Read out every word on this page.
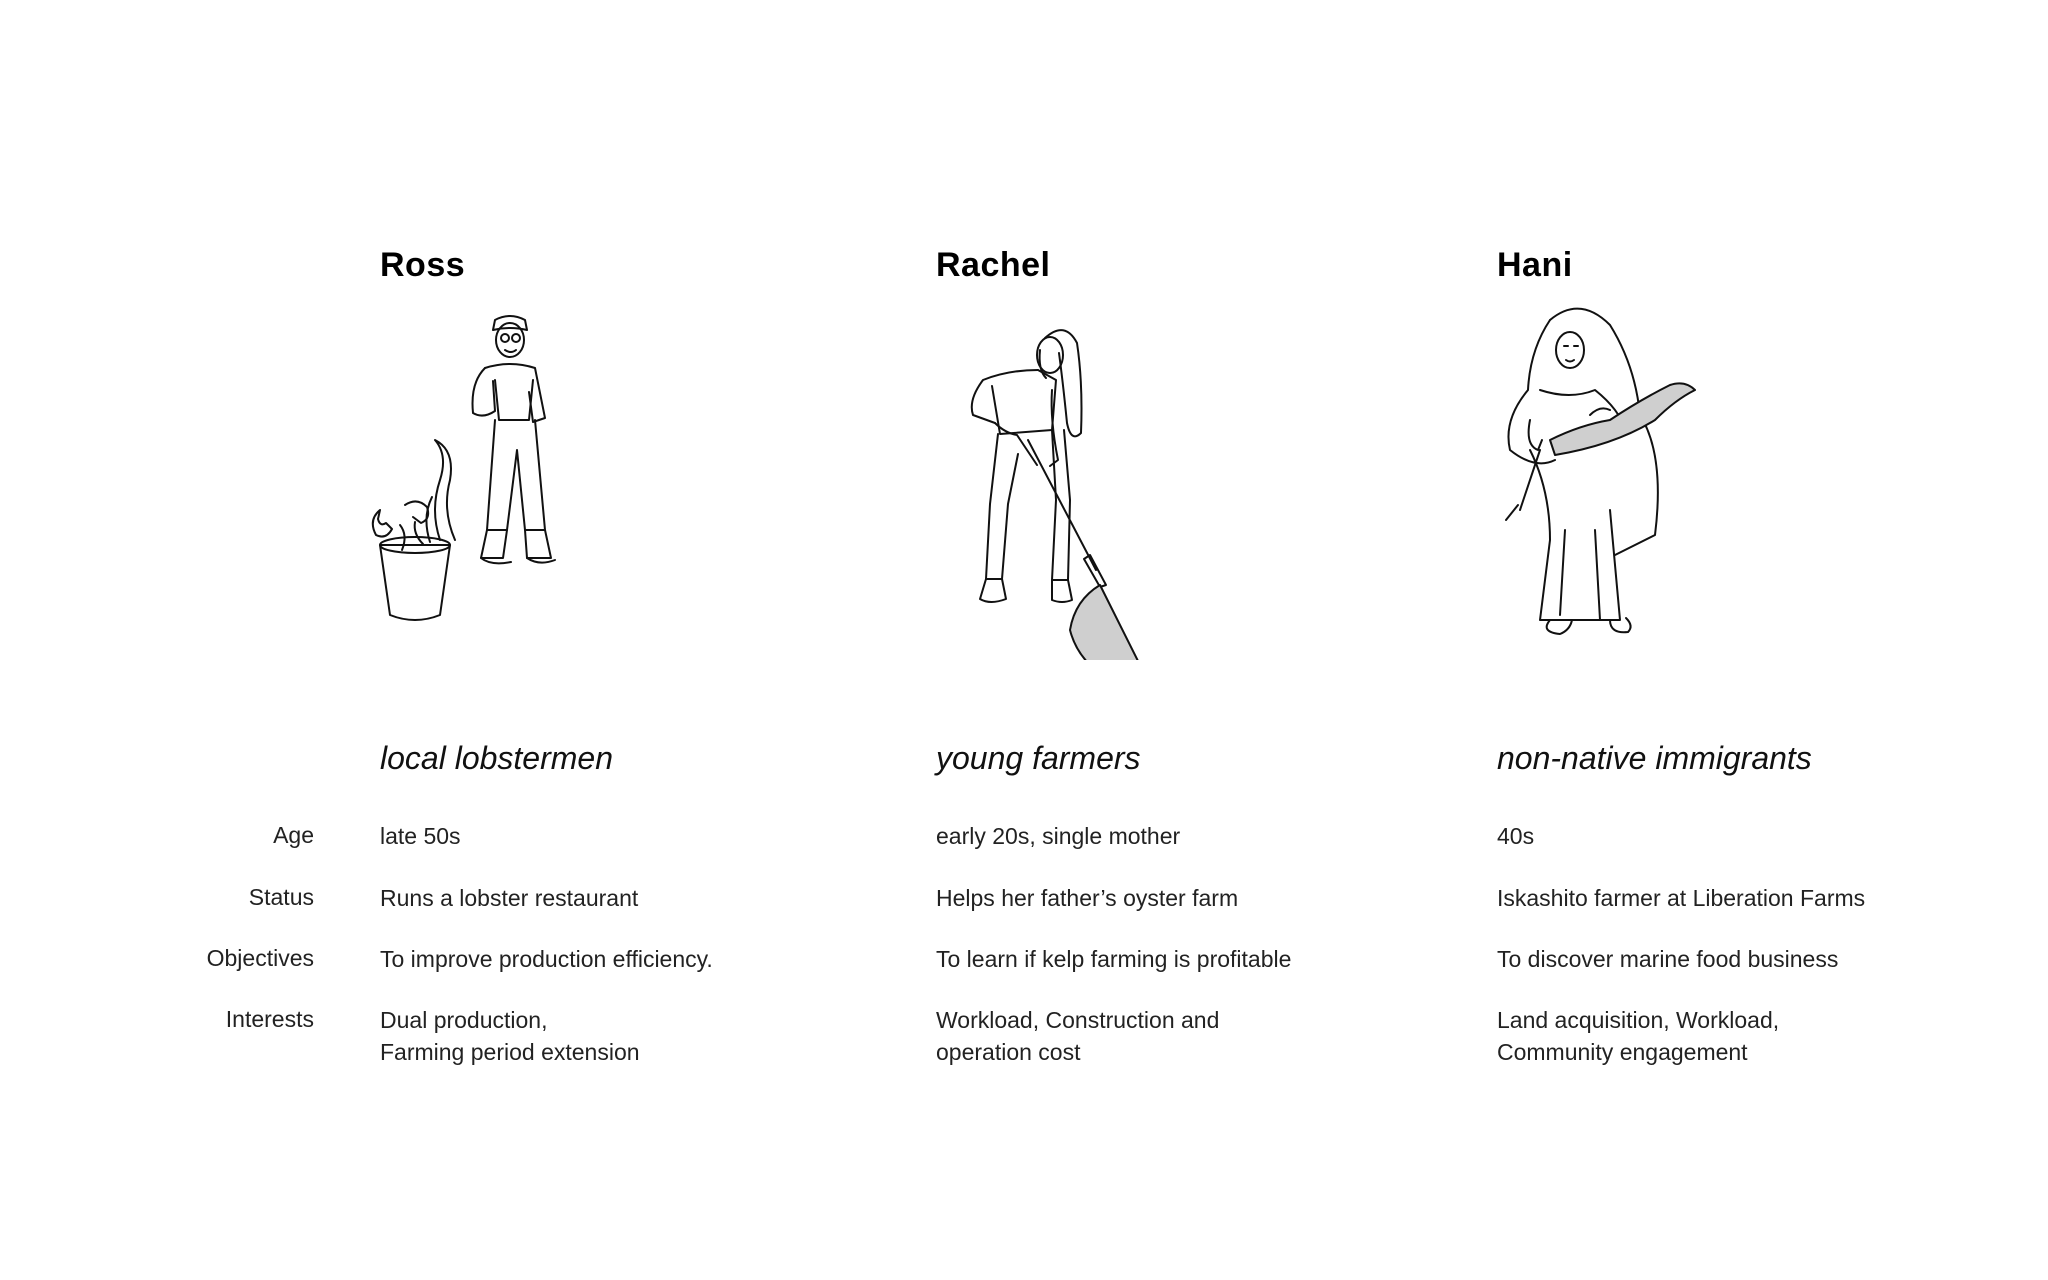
Ross
local lobstermen
Rachel
young farmers
Hani
non-native immigrants
Age
Status
Objectives
Interests
late 50s
Runs a lobster restaurant
To improve production efficiency.
Dual production,
Farming period extension
early 20s, single mother
Helps her father’s oyster farm
To learn if kelp farming is profitable
Workload, Construction and
operation cost
40s
Iskashito farmer at Liberation Farms
To discover marine food business
Land acquisition, Workload,
Community engagement
